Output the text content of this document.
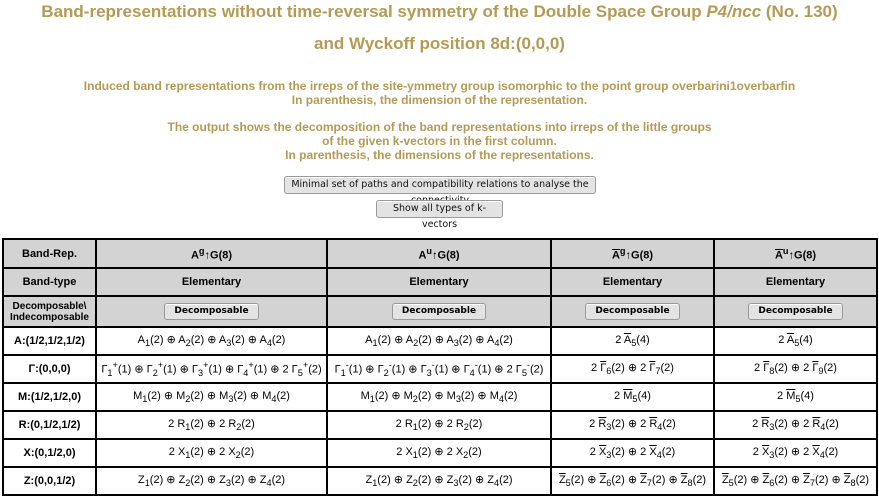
Band-representations without time-reversal symmetry of the Double Space Group P4/ncc (No. 130)
and Wyckoff position 8d:(0,0,0)
Induced band representations from the irreps of the site-ymmetry group isomorphic to the point group overbarini1overbarfin
In parenthesis, the dimension of the representation.
The output shows the decomposition of the band representations into irreps of the little groups
of the given k-vectors in the first column.
In parenthesis, the dimensions of the representations.
Minimal set of paths and compatibility relations to analyse the
Show all types of k-vectors
Band-Rep.	$A^g↑G(8)$	$A^u↑G(8)$	$\overline{A}^g↑G(8)$	$\overline{A}^u↑G(8)$
Band-type	Elementary	Elementary	Elementary	Elementary

Decomposable\
Indecomposable	Decomposable	Decomposable	Decomposable	Decomposable
A:(1/2,1/2,1/2)	$A_1(2)$ ⊕ $A_2(2)$ ⊕ $A_3(2)$ ⊕ $A_4(2)$	$A_1(2)$ ⊕ $A_2(2)$ ⊕ $A_3(2)$ ⊕ $A_4(2)$	2 $\overline{A}_5(4)$	2 $\overline{A}_5(4)$
Γ:(0,0,0)	$\Gamma_1^+(1)$ ⊕ $\Gamma_2^+(1)$ ⊕ $\Gamma_3^+(1)$ ⊕ $\Gamma_4^+(1)$ ⊕ 2 $\Gamma_5^+(2)$	$\Gamma_1^-(1)$ ⊕ $\Gamma_2^-(1)$ ⊕ $\Gamma_3^-(1)$ ⊕ $\Gamma_4^-(1)$ ⊕ 2 $\Gamma_5^-(2)$	2 $\overline{\Gamma}_6(2)$ ⊕ 2 $\overline{\Gamma}_7(2)$	2 $\overline{\Gamma}_8(2)$ ⊕ 2 $\overline{\Gamma}_9(2)$
M:(1/2,1/2,0)	$M_1(2)$ ⊕ $M_2(2)$ ⊕ $M_3(2)$ ⊕ $M_4(2)$	$M_1(2)$ ⊕ $M_2(2)$ ⊕ $M_3(2)$ ⊕ $M_4(2)$	2 $\overline{M}_5(4)$	2 $\overline{M}_5(4)$
R:(0,1/2,1/2)	2 $R_1(2)$ ⊕ 2 $R_2(2)$	2 $R_1(2)$ ⊕ 2 $R_2(2)$	2 $\overline{R}_3(2)$ ⊕ 2 $\overline{R}_4(2)$	2 $\overline{R}_3(2)$ ⊕ 2 $\overline{R}_4(2)$
X:(0,1/2,0)	2 $X_1(2)$ ⊕ 2 $X_2(2)$	2 $X_1(2)$ ⊕ 2 $X_2(2)$	2 $\overline{X}_3(2)$ ⊕ 2 $\overline{X}_4(2)$	2 $\overline{X}_3(2)$ ⊕ 2 $\overline{X}_4(2)$
Z:(0,0,1/2)	$Z_1(2)$ ⊕ $Z_2(2)$ ⊕ $Z_3(2)$ ⊕ $Z_4(2)$	$Z_1(2)$ ⊕ $Z_2(2)$ ⊕ $Z_3(2)$ ⊕ $Z_4(2)$	$\overline{Z}_5(2)$ ⊕ $\overline{Z}_6(2)$ ⊕ $\overline{Z}_7(2)$ ⊕ $\overline{Z}_8(2)$	$\overline{Z}_5(2)$ ⊕ $\overline{Z}_6(2)$ ⊕ $\overline{Z}_7(2)$ ⊕ $\overline{Z}_8(2)$
